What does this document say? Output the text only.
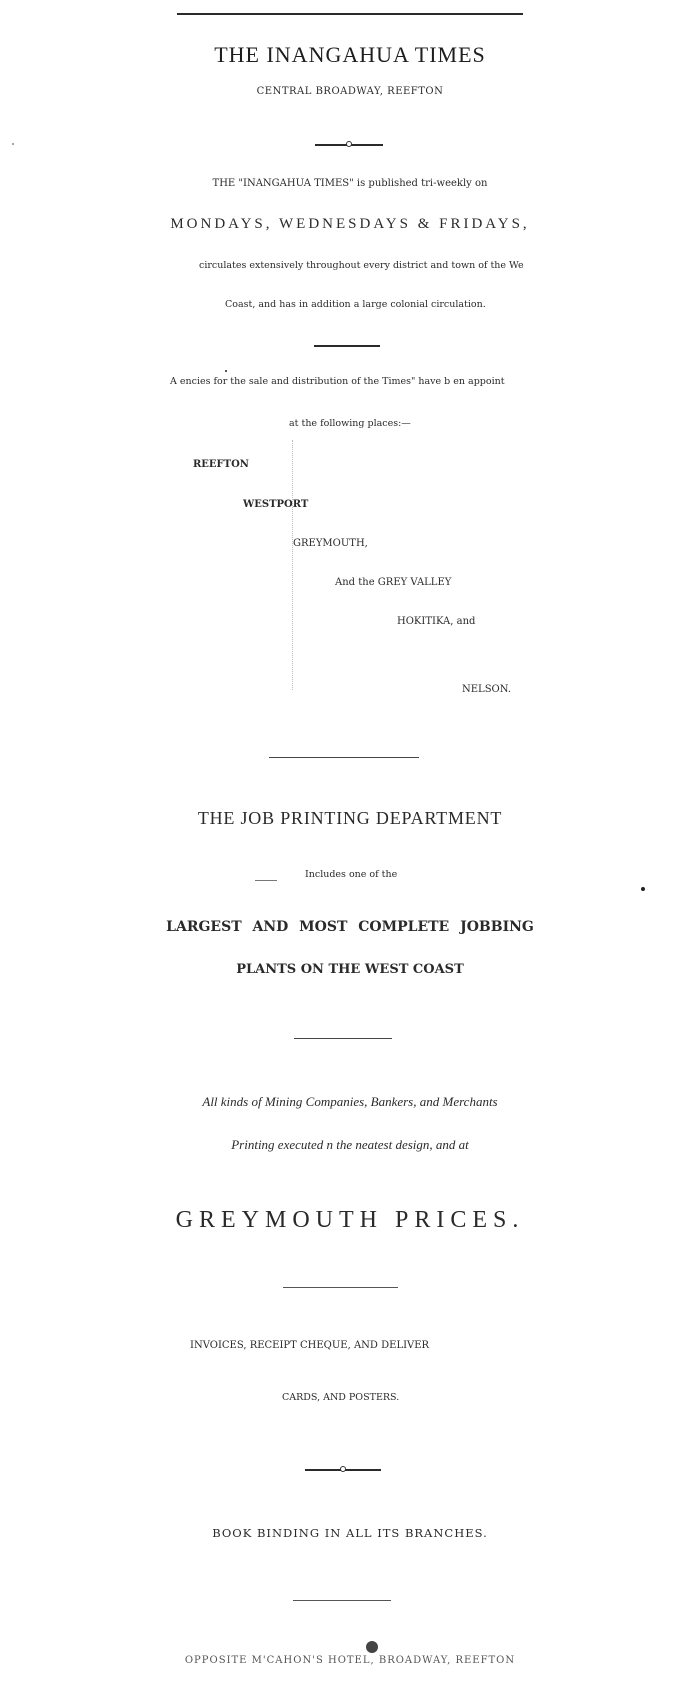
THE INANGAHUA TIMES
CENTRAL BROADWAY, REEFTON
THE "INANGAHUA TIMES" is published tri-weekly on
MONDAYS, WEDNESDAYS & FRIDAYS,
circulates extensively throughout every district and town of the We
Coast, and has in addition a large colonial circulation.
A encies for the sale and distribution of the Times" have b en appoint
at the following places:—
REEFTON
WESTPORT
GREYMOUTH,
And the GREY VALLEY
HOKITIKA, and
NELSON.
THE JOB PRINTING DEPARTMENT
Includes one of the
LARGEST AND MOST COMPLETE JOBBING
PLANTS ON THE WEST COAST
All kinds of Mining Companies, Bankers, and Merchants
Printing executed n the neatest design, and at
GREYMOUTH PRICES.
INVOICES, RECEIPT CHEQUE, AND DELIVER
CARDS, AND POSTERS.
BOOK BINDING IN ALL ITS BRANCHES.
OPPOSITE M'CAHON'S HOTEL, BROADWAY, REEFTON
